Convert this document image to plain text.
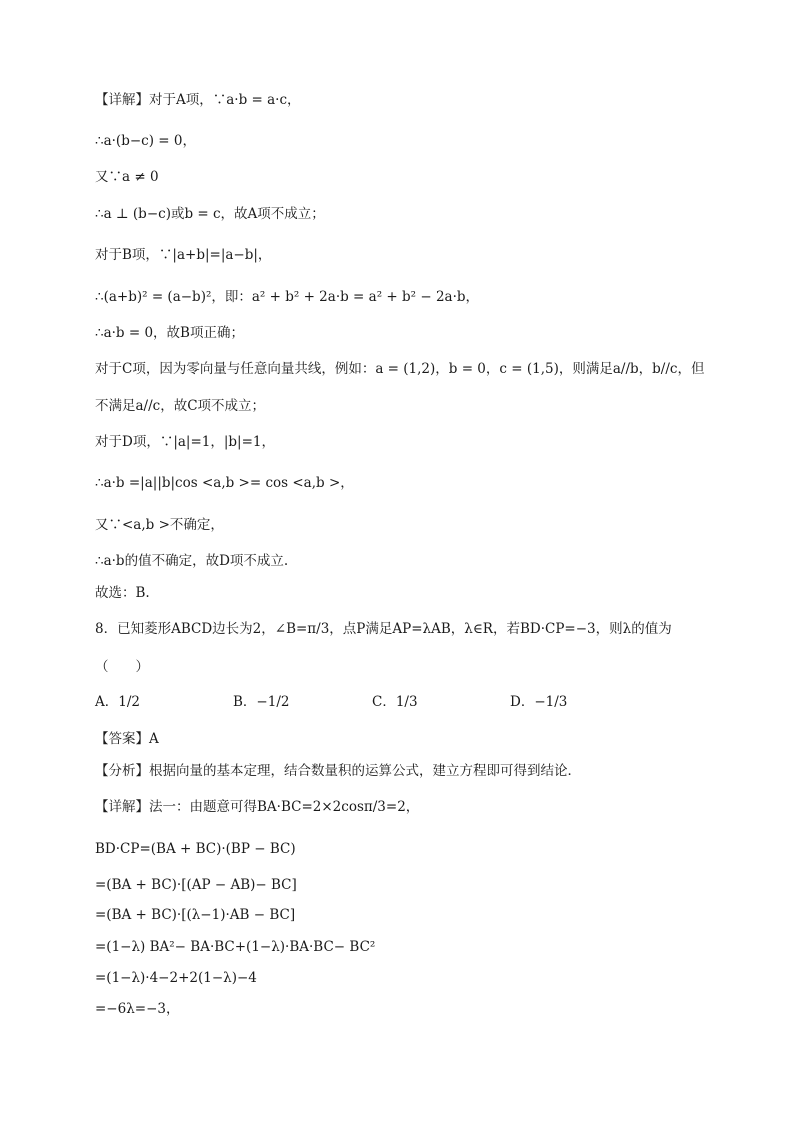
【详解】对于A项，∵a·b = a·c，
∴a·(b−c) = 0，
又∵a ≠ 0
∴a ⊥ (b−c)或b = c，故A项不成立；
对于B项，∵|a+b|=|a−b|，
∴(a+b)² = (a−b)²，即：a² + b² + 2a·b = a² + b² − 2a·b，
∴a·b = 0，故B项正确；
对于C项，因为零向量与任意向量共线，例如：a = (1,2)，b = 0，c = (1,5)，则满足a//b，b//c，但
不满足a//c，故C项不成立；
对于D项，∵|a|=1，|b|=1，
∴a·b =|a||b|cos <a,b >= cos <a,b >，
又∵<a,b >不确定，
∴a·b的值不确定，故D项不成立.
故选：B.
8．已知菱形ABCD边长为2，∠B=π/3，点P满足AP=λAB，λ∈R，若BD·CP=−3，则λ的值为
（　　）
A．1/2	B．−1/2	C．1/3	D．−1/3
【答案】A
【分析】根据向量的基本定理，结合数量积的运算公式，建立方程即可得到结论．
【详解】法一：由题意可得BA·BC=2×2cosπ/3=2，
BD·CP=(BA + BC)·(BP − BC)
=(BA + BC)·[(AP − AB)− BC]
=(BA + BC)·[(λ−1)·AB − BC]
=(1−λ) BA²− BA·BC+(1−λ)·BA·BC− BC²
=(1−λ)·4−2+2(1−λ)−4
=−6λ=−3，
